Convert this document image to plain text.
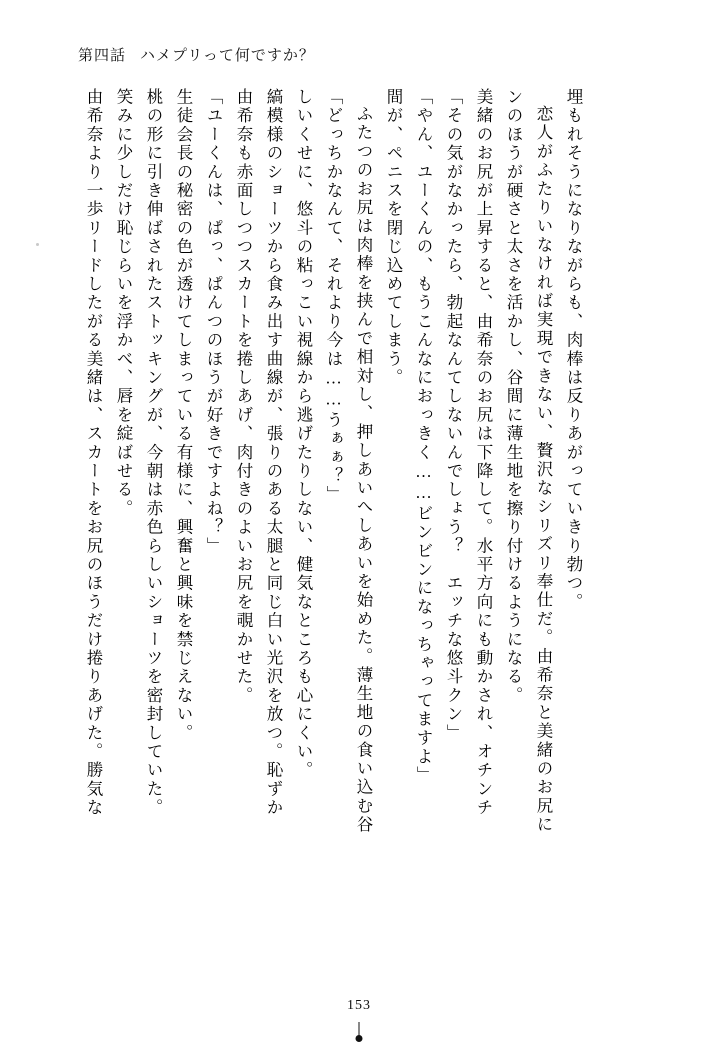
第四話 ハメプリって何ですか？
由希奈より一歩リードしたがる美緒は、スカートをお尻のほうだけ捲りあげた。勝気な 笑みに少しだけ恥じらいを浮かべ、唇を綻ばせる。 桃の形に引き伸ばされたストッキングが、今朝は赤色らしいショーツを密封していた。 生徒会長の秘密の色が透けてしまっている有様に、興奮と興味を禁じえない。 「ユーくんは、ぱっ、ぱんつのほうが好きですよね？」 由希奈も赤面しつつスカートを捲しあげ、肉付きのよいお尻を覗かせた。 縞模様のショーツから食み出す曲線が、張りのある太腿と同じ白い光沢を放つ。恥ずか しいくせに、悠斗の粘っこい視線から逃げたりしない、健気なところも心にくい。 「どっちかなんて、それより今は……うぁぁ？」 ふたつのお尻は肉棒を挟んで相対し、押しあいへしあいを始めた。薄生地の食い込む谷 間が、ペニスを閉じ込めてしまう。 「やん、ユーくんの、もうこんなにおっきく……ビンビンになっちゃってますよ」 「その気がなかったら、勃起なんてしないんでしょう？　エッチな悠斗クン」 美緒のお尻が上昇すると、由希奈のお尻は下降して。水平方向にも動かされ、オチンチ ンのほうが硬さと太さを活かし、谷間に薄生地を擦り付けるようになる。 恋人がふたりいなければ実現できない、贅沢なシリズリ奉仕だ。由希奈と美緒のお尻に 埋もれそうになりながらも、肉棒は反りあがっていきり勃つ。
153
